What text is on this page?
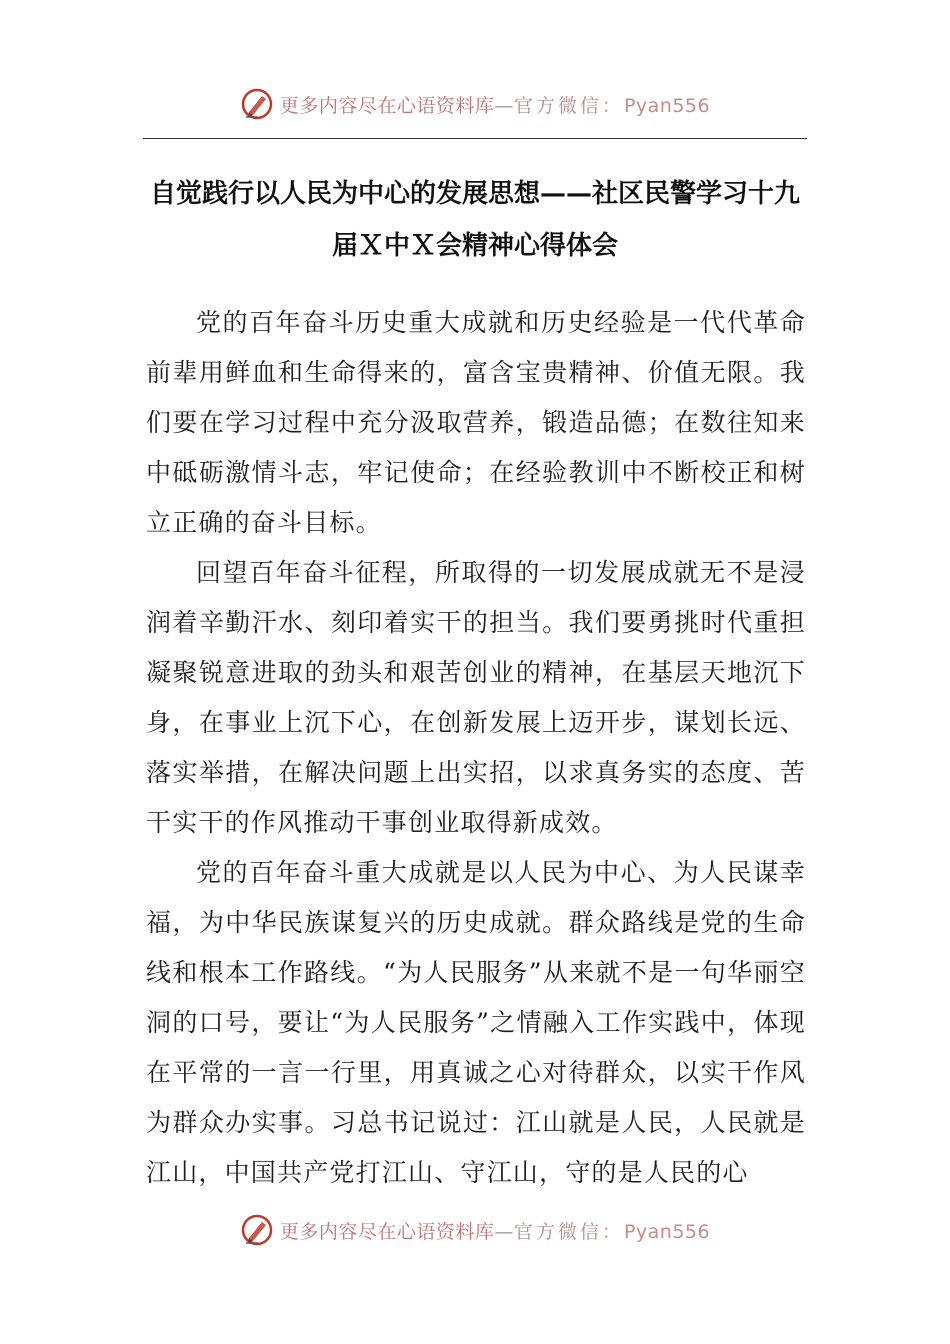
更多内容尽在心语资料库—官方微信：Pyan556
自觉践行以人民为中心的发展思想——社区民警学习十九
届Ｘ中Ｘ会精神心得体会

党的百年奋斗历史重大成就和历史经验是一代代革命前辈用鲜血和生命得来的，富含宝贵精神、价值无限。我们要在学习过程中充分汲取营养，锻造品德；在数往知来中砥砺激情斗志，牢记使命；在经验教训中不断校正和树立正确的奋斗目标。

回望百年奋斗征程，所取得的一切发展成就无不是浸润着辛勤汗水、刻印着实干的担当。我们要勇挑时代重担凝聚锐意进取的劲头和艰苦创业的精神，在基层天地沉下身，在事业上沉下心，在创新发展上迈开步，谋划长远、落实举措，在解决问题上出实招，以求真务实的态度、苦干实干的作风推动干事创业取得新成效。

党的百年奋斗重大成就是以人民为中心、为人民谋幸福，为中华民族谋复兴的历史成就。群众路线是党的生命线和根本工作路线。“为人民服务”从来就不是一句华丽空洞的口号，要让“为人民服务”之情融入工作实践中，体现在平常的一言一行里，用真诚之心对待群众，以实干作风为群众办实事。习总书记说过：江山就是人民，人民就是江山，中国共产党打江山、守江山，守的是人民的心

更多内容尽在心语资料库—官方微信：Pyan556
